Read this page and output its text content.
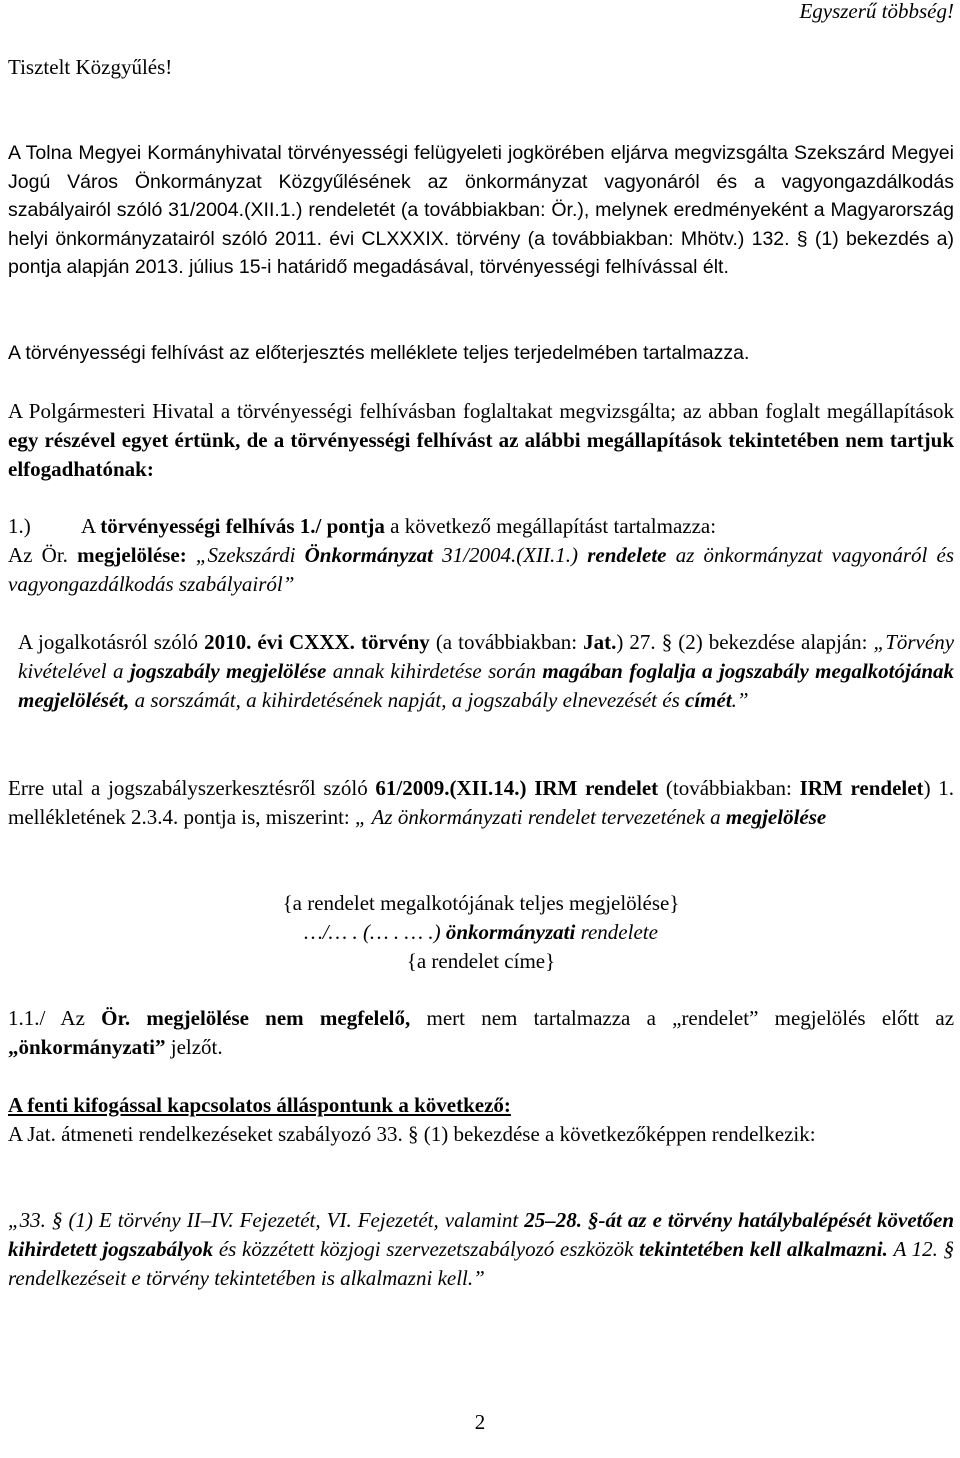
Egyszerű többség!
Tisztelt Közgyűlés!

A Tolna Megyei Kormányhivatal törvényességi felügyeleti jogkörében eljárva megvizsgálta Szekszárd Megyei Jogú Város Önkormányzat Közgyűlésének az önkormányzat vagyonáról és a vagyongazdálkodás szabályairól szóló 31/2004.(XII.1.) rendeletét (a továbbiakban: Ör.), melynek eredményeként a Magyarország helyi önkormányzatairól szóló 2011. évi CLXXXIX. törvény (a továbbiakban: Mhötv.) 132. § (1) bekezdés a) pontja alapján 2013. július 15-i határidő megadásával, törvényességi felhívással élt.

A törvényességi felhívást az előterjesztés melléklete teljes terjedelmében tartalmazza.

A Polgármesteri Hivatal a törvényességi felhívásban foglaltakat megvizsgálta; az abban foglalt megállapítások egy részével egyet értünk, de a törvényességi felhívást az alábbi megállapítások tekintetében nem tartjuk elfogadhatónak:

1.) A törvényességi felhívás 1./ pontja a következő megállapítást tartalmazza:
Az Ör. megjelölése: „Szekszárdi Önkormányzat 31/2004.(XII.1.) rendelete az önkormányzat vagyonáról és vagyongazdálkodás szabályairól”

A jogalkotásról szóló 2010. évi CXXX. törvény (a továbbiakban: Jat.) 27. § (2) bekezdése alapján: „Törvény kivételével a jogszabály megjelölése annak kihirdetése során magában foglalja a jogszabály megalkotójának megjelölését, a sorszámát, a kihirdetésének napját, a jogszabály elnevezését és címét.”

Erre utal a jogszabályszerkesztésről szóló 61/2009.(XII.14.) IRM rendelet (továbbiakban: IRM rendelet) 1. mellékletének 2.3.4. pontja is, miszerint: „ Az önkormányzati rendelet tervezetének a megjelölése

{a rendelet megalkotójának teljes megjelölése}
…/… . (… . … .) önkormányzati rendelete
{a rendelet címe}

1.1./ Az Ör. megjelölése nem megfelelő, mert nem tartalmazza a „rendelet” megjelölés előtt az „önkormányzati” jelzőt.

A fenti kifogással kapcsolatos álláspontunk a következő:
A Jat. átmeneti rendelkezéseket szabályozó 33. § (1) bekezdése a következőképpen rendelkezik:

„33. § (1) E törvény II–IV. Fejezetét, VI. Fejezetét, valamint 25–28. §-át az e törvény hatálybalépését követően kihirdetett jogszabályok és közzétett közjogi szervezetszabályozó eszközök tekintetében kell alkalmazni. A 12. § rendelkezéseit e törvény tekintetében is alkalmazni kell.”

2
